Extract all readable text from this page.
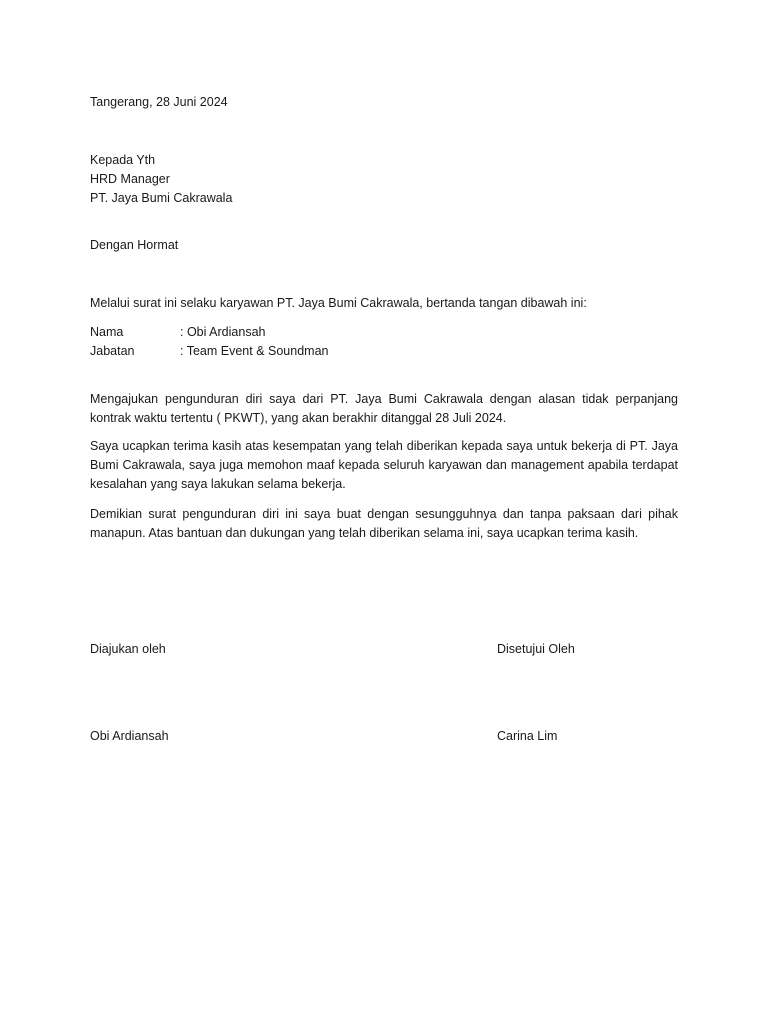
Tangerang, 28 Juni 2024
Kepada Yth
HRD Manager
PT. Jaya Bumi Cakrawala
Dengan Hormat
Melalui surat ini selaku karyawan PT. Jaya Bumi Cakrawala, bertanda tangan dibawah ini:
Nama	: Obi Ardiansah
Jabatan	: Team Event & Soundman

Mengajukan pengunduran diri saya dari PT. Jaya Bumi Cakrawala dengan alasan tidak perpanjang kontrak waktu tertentu ( PKWT), yang akan berakhir ditanggal 28 Juli 2024.

Saya ucapkan terima kasih atas kesempatan yang telah diberikan kepada saya untuk bekerja di PT. Jaya Bumi Cakrawala, saya juga memohon maaf kepada seluruh karyawan dan management apabila terdapat kesalahan yang saya lakukan selama bekerja.

Demikian surat pengunduran diri ini saya buat dengan sesungguhnya dan tanpa paksaan dari pihak manapun. Atas bantuan dan dukungan yang telah diberikan selama ini, saya ucapkan terima kasih.

Diajukan oleh	Disetujui Oleh
Obi Ardiansah	Carina Lim
